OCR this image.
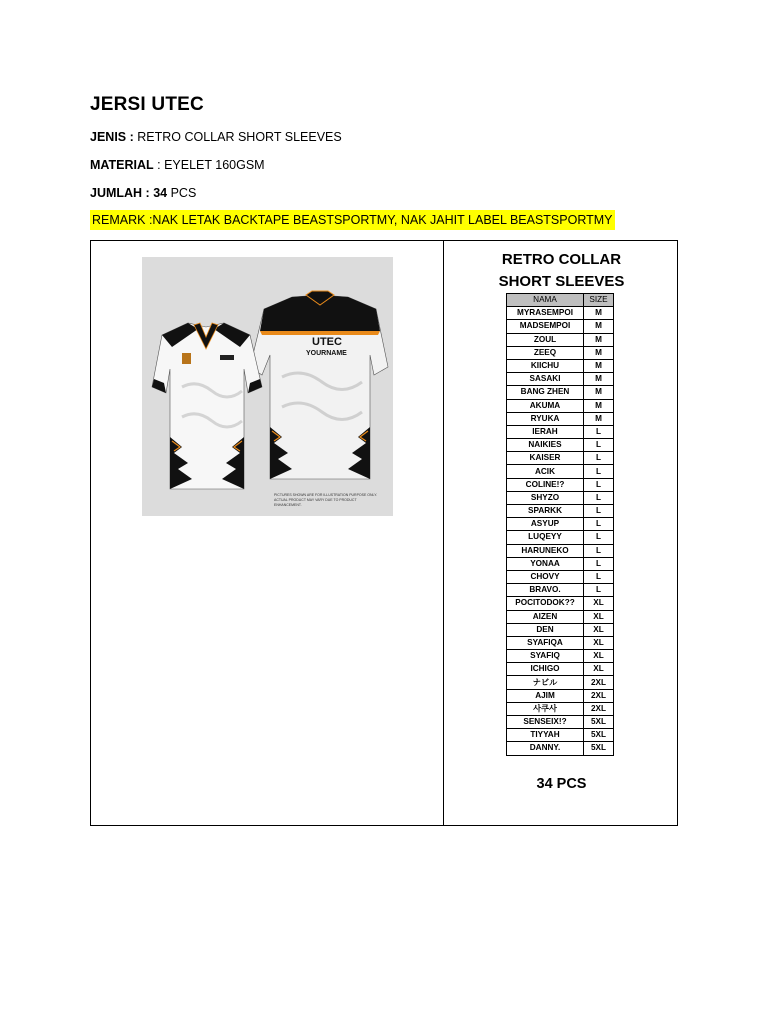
JERSI UTEC
JENIS : RETRO COLLAR SHORT SLEEVES
MATERIAL : EYELET 160GSM
JUMLAH : 34 PCS
REMARK :NAK LETAK BACKTAPE BEASTSPORTMY, NAK JAHIT LABEL BEASTSPORTMY
UTEC
YOURNAME
PICTURES SHOWN ARE FOR ILLUSTRATION PURPOSE ONLY. ACTUAL PRODUCT MAY VARY DUE TO PRODUCT ENHANCEMENT.
RETRO COLLAR
SHORT SLEEVES
NAMA	SIZE
MYRASEMPOI	M
MADSEMPOI	M
ZOUL	M
ZEEQ	M
KIICHU	M
SASAKI	M
BANG ZHEN	M
AKUMA	M
RYUKA	M
IERAH	L
NAIKIES	L
KAISER	L
ACIK	L
COLINE!?	L
SHYZO	L
SPARKK	L
ASYUP	L
LUQEYY	L
HARUNEKO	L
YONAA	L
CHOVY	L
BRAVO.	L
POCITODOK??	XL
AIZEN	XL
DEN	XL
SYAFIQA	XL
SYAFIQ	XL
ICHIGO	XL
ナビル	2XL
AJIM	2XL
사쿠사	2XL
SENSEIX!?	5XL
TIYYAH	5XL
DANNY.	5XL
34 PCS
